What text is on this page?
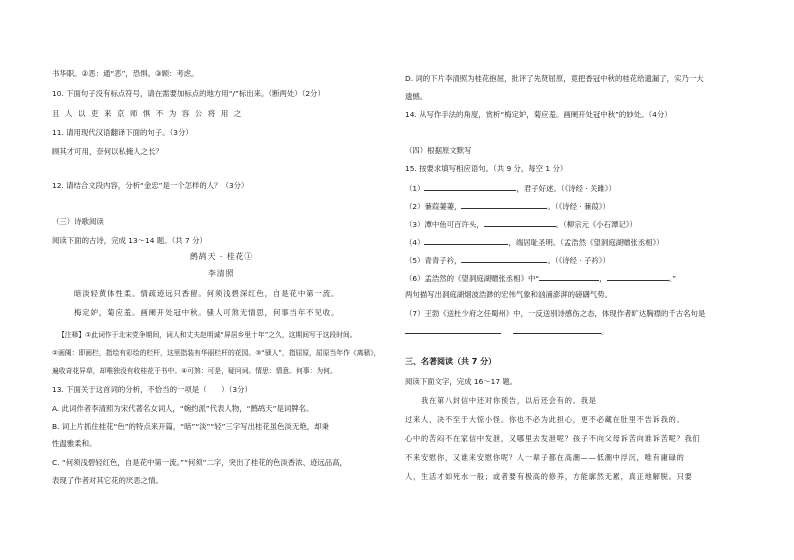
书华职。②恶：通“恶”，恐惧。③顾：考虑。
10. 下面句子没有标点符号，请在需要加标点的地方用“/”标出来。（断两处）（2分）
且人以吏来京师惧不为容公将用之
11. 请用现代汉语翻译下面的句子。（3分）
顾其才可用，奈何以私掩人之长？
12. 请结合文段内容，分析“金忠”是一个怎样的人？（3分）
（三）诗歌阅读
阅读下面的古诗，完成 13～14 题。（共 7 分）
鹧鸪天 · 桂花①
李清照
暗淡轻黄体性柔。情疏迹远只香留。何须浅碧深红色，自是花中第一流。
梅定妒，菊应羞。画阑开处冠中秋。骚人可煞无情思，何事当年不见收。
【注释】①此词作于北宋党争期间，词人和丈夫赵明诚“屏居乡里十年”之久，这期间写于这段时间。
②画阑：即画栏，指绘有彩绘的栏杆，这里指装有华丽栏杆的花园。③“骚人”，指屈原，屈原当年作《离骚》，
遍收奇花异草，却唯独没有收桂花于书中。④可煞：可是，疑问词。情思：情意。何事：为何。
13. 下面关于这首词的分析，不恰当的一项是（　　）（3分）
A. 此词作者李清照为宋代著名女词人，“婉约派”代表人物，“鹧鸪天”是词牌名。
B. 词上片抓住桂花“色”的特点来开篇，“暗”“淡”“轻”三字写出桂花虽色淡无艳，却秉
性温雅柔和。
C. “何须浅碧轻红色，自是花中第一流。”“何须”二字，突出了桂花的色淡香浓、迹远品高，
表现了作者对其它花的厌恶之情。
D. 词的下片李清照为桂花抱屈，批评了先贤屈原，竟把香冠中秋的桂花给遗漏了，实乃一大
遗憾。
14. 从写作手法的角度，赏析“梅定妒，菊应羞。画阑开处冠中秋”的妙处。（4分）
（四）根据原文默写
15. 按要求填写相应语句。（共 9 分，每空 1 分）
（1）	，君子好逑。（《诗经 · 关雎》）
（2）蒹葭萋萋，	。（《诗经 · 蒹葭》）
（3）潭中鱼可百许头，	。（柳宗元《小石潭记》）
（4）	，端居耻圣明。（孟浩然《望洞庭湖赠张丞相》）
（5）青青子衿，	。（《诗经 · 子衿》）
（6）孟浩然的《望洞庭湖赠张丞相》中“	，	。”
两句描写出洞庭湖烟波浩渺的宏伟气象和汹涌澎湃的磅礴气势。
（7）王勃《送杜少府之任蜀州》中，一反送别诗感伤之态，体现作者旷达胸襟的千古名句是
。
三、名著阅读（共 7 分）
阅读下面文字，完成 16～17 题。
　　我在第八封信中还对你预告，以后还会有的。我是
过来人，决不至于大惊小怪。你也不必为此担心，更不必藏在肚里不告诉我的。
心中的苦闷不在家信中发泄，又哪里去发泄呢？孩子不向父母诉苦向谁诉苦呢？我们
不来安慰你，又谁来安慰你呢？人一辈子都在高潮——低潮中浮沉，唯有庸碌的
人，生活才如死水一般；或者要有极高的修养，方能廓然无累，真正地解脱。只要
